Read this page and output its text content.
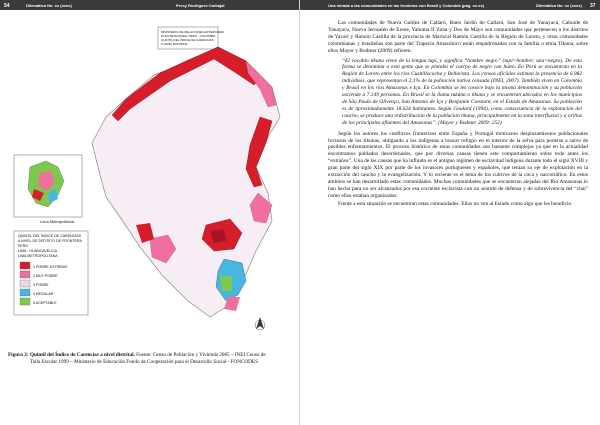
54	Dilemática No. xx (xxxx)	Percy Rodríguez Carbajal
MINISTERIO DE RELACIONES EXTERIORES
PLAN BINACIONAL PERÚ - COLOMBIA
QUINTIL DEL ÍNDICE DE CARENCIAS
A NIVEL DISTRITAL
Lima Metropolitana
QUINTIL DEL ÍNDICE DE CARENCIAS
A NIVEL DE DISTRITO DE FRONTERA
PERÚ
LIMA - HUANCAVELICA
LIMA METROPOLITANA
1 POBRE EXTREMO
2 MUY POBRE
3 POBRE
4 REGULAR
5 ACEPTABLE
Figura 2: Quintil del Índice de Carencias a nivel distrital. Fuente: Censo de Población y Vivienda 2005 – INEI Censo de Talla Escolar 1999 – Ministerio de Educación Fondo de Cooperación para el Desarrollo Social - FONCODES
Una mirada a las comunidades en las fronteras con Brasil y Colombia (pág. xx-xx)	Dilemática No. xx (xxxx) 37

Las comunidades de Nueva Galilea de Callarú, Buen Jardín de Callarú, San José de Yanayacu, Cahuide de Yanayacu, Nueva Jerusalén de Erené, Yahuma II Zona y Dos de Mayo son comunidades que pertenecen a los distritos de Yavarí y Ramón Castilla de la provincia de Mariscal Ramón Castilla de la Región de Loreto, y otras comunidades colombianas y brasileñas son parte del Trapecio Amazónico están empadronadas con la familia o etnia Tikuna, sobre ellos Mayor y Bodmer (2009) refieren:

“El vocablo tikuna viene de la lengua tupí, y significa “hombre negro” (tapi=hombre; una=negro). De esta forma se denomina a esta gente que se pintaba el cuerpo de negro con huito. En Perú se encuentran en la Región de Loreto entre los ríos Cushillococha y Bellavista. Los censos oficiales estiman la presencia de 6.982 individuos, que representan el 2,1% de la población nativa censada (INEI, 2007). También viven en Colombia y Brasil en los ríos Amazonas e Iça. En Colombia se les conoce bajo la misma denominación y su población asciende a 7.149 personas. En Brasil se la llama tukúna o tikuna y se encuentran ubicados en los municipios de São Paulo de Olivença, San Antonio de Iça y Benjamin Constant, en el Estado de Amazonas. Su población es de aproximadamente 18.624 habitantes. Según Goulard (1994), como consecuencia de la explotación del caucho, se produce una redistribución de la población tikuna, principalmente en la zona interfluvial y a orillas de los principales afluentes del Amazonas”. (Mayor y Bodmer 2009: 252)

Según los autores los conflictos fronterizos entre España y Portugal motivaron desplazamientos poblacionales forzosos de los tikunas, obligando a los indígenas a buscar refugio en el interior de la selva para ponerse a salvo de posibles enfrentamientos. El proceso histórico de estas comunidades son bastante complejas ya que en la actualidad encontramos poblados desordenados, que por diversas causas tienen este comportamiento sobre todo antes los “extraños”. Una de las causas que ha influido es el antiguo régimen de esclavitud indígena durante todo el siglo XVIII y gran parte del siglo XIX por parte de los invasores portugueses y españoles, que tenían su eje de explotación en la extracción del caucho y la evangelización. Y lo reciente es el tema de los cultivos de la coca y narcotráfico. En estos ámbitos se han desarrollado estas comunidades. Muchas comunidades que se encuentran alejadas del Río Amazonas lo han hecho para no ser alcanzados por esa corriente esclavista con un sentido de defensa y de sobrevivencia del “clan” como ellos estaban organizados.

Frente a esta situación se encuentran estas comunidades. Ellos no ven al Estado como algo que les beneficie.
